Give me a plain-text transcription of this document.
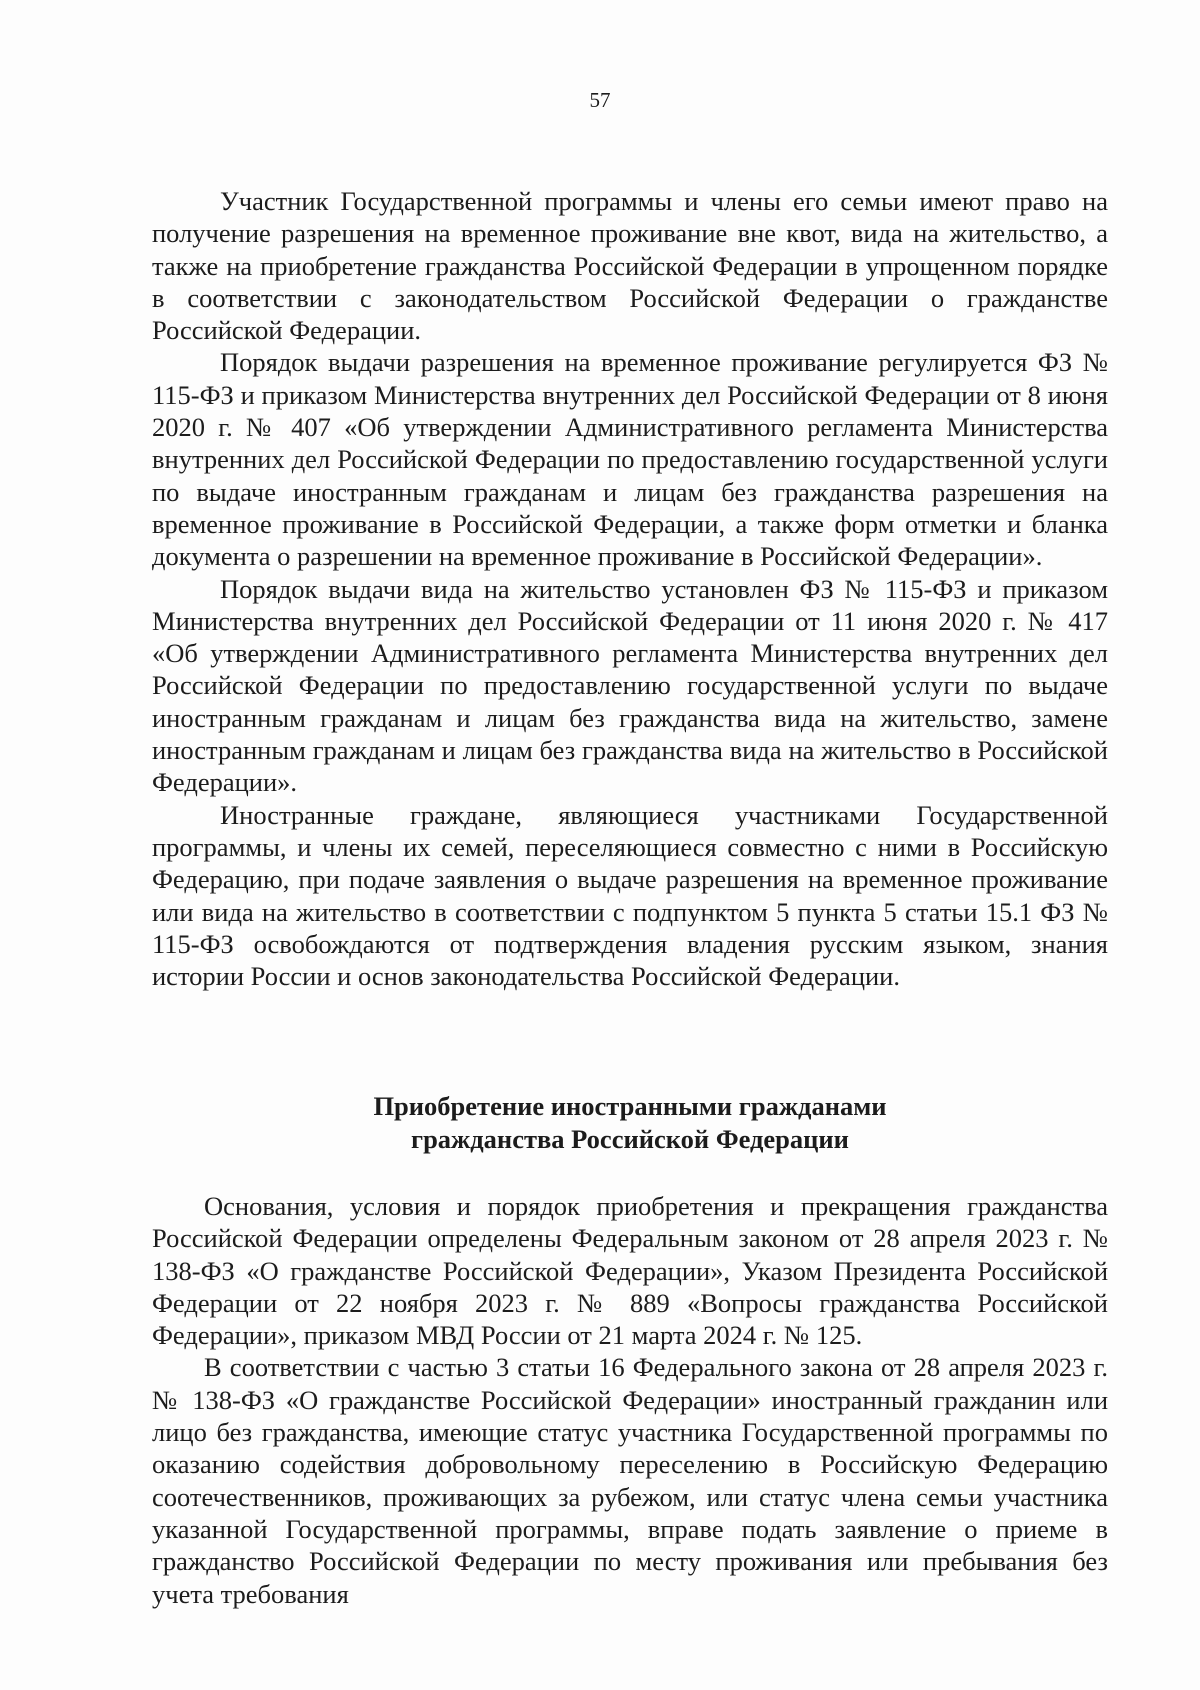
57

Участник Государственной программы и члены его семьи имеют право на получение разрешения на временное проживание вне квот, вида на жительство, а также на приобретение гражданства Российской Федерации в упрощенном порядке в соответствии с законодательством Российской Федерации о гражданстве Российской Федерации.

Порядок выдачи разрешения на временное проживание регулируется ФЗ № 115-ФЗ и приказом Министерства внутренних дел Российской Федерации от 8 июня 2020 г. № 407 «Об утверждении Административного регламента Министерства внутренних дел Российской Федерации по предоставлению государственной услуги по выдаче иностранным гражданам и лицам без гражданства разрешения на временное проживание в Российской Федерации, а также форм отметки и бланка документа о разрешении на временное проживание в Российской Федерации».

Порядок выдачи вида на жительство установлен ФЗ № 115-ФЗ и приказом Министерства внутренних дел Российской Федерации от 11 июня 2020 г. № 417 «Об утверждении Административного регламента Министерства внутренних дел Российской Федерации по предоставлению государственной услуги по выдаче иностранным гражданам и лицам без гражданства вида на жительство, замене иностранным гражданам и лицам без гражданства вида на жительство в Российской Федерации».

Иностранные граждане, являющиеся участниками Государственной программы, и члены их семей, переселяющиеся совместно с ними в Российскую Федерацию, при подаче заявления о выдаче разрешения на временное проживание или вида на жительство в соответствии с подпунктом 5 пункта 5 статьи 15.1 ФЗ № 115-ФЗ освобождаются от подтверждения владения русским языком, знания истории России и основ законодательства Российской Федерации.

Приобретение иностранными гражданами
гражданства Российской Федерации

Основания, условия и порядок приобретения и прекращения гражданства Российской Федерации определены Федеральным законом от 28 апреля 2023 г. № 138-ФЗ «О гражданстве Российской Федерации», Указом Президента Российской Федерации от 22 ноября 2023 г. № 889 «Вопросы гражданства Российской Федерации», приказом МВД России от 21 марта 2024 г. № 125.

В соответствии с частью 3 статьи 16 Федерального закона от 28 апреля 2023 г. № 138-ФЗ «О гражданстве Российской Федерации» иностранный гражданин или лицо без гражданства, имеющие статус участника Государственной программы по оказанию содействия добровольному переселению в Российскую Федерацию соотечественников, проживающих за рубежом, или статус члена семьи участника указанной Государственной программы, вправе подать заявление о приеме в гражданство Российской Федерации по месту проживания или пребывания без учета требования
